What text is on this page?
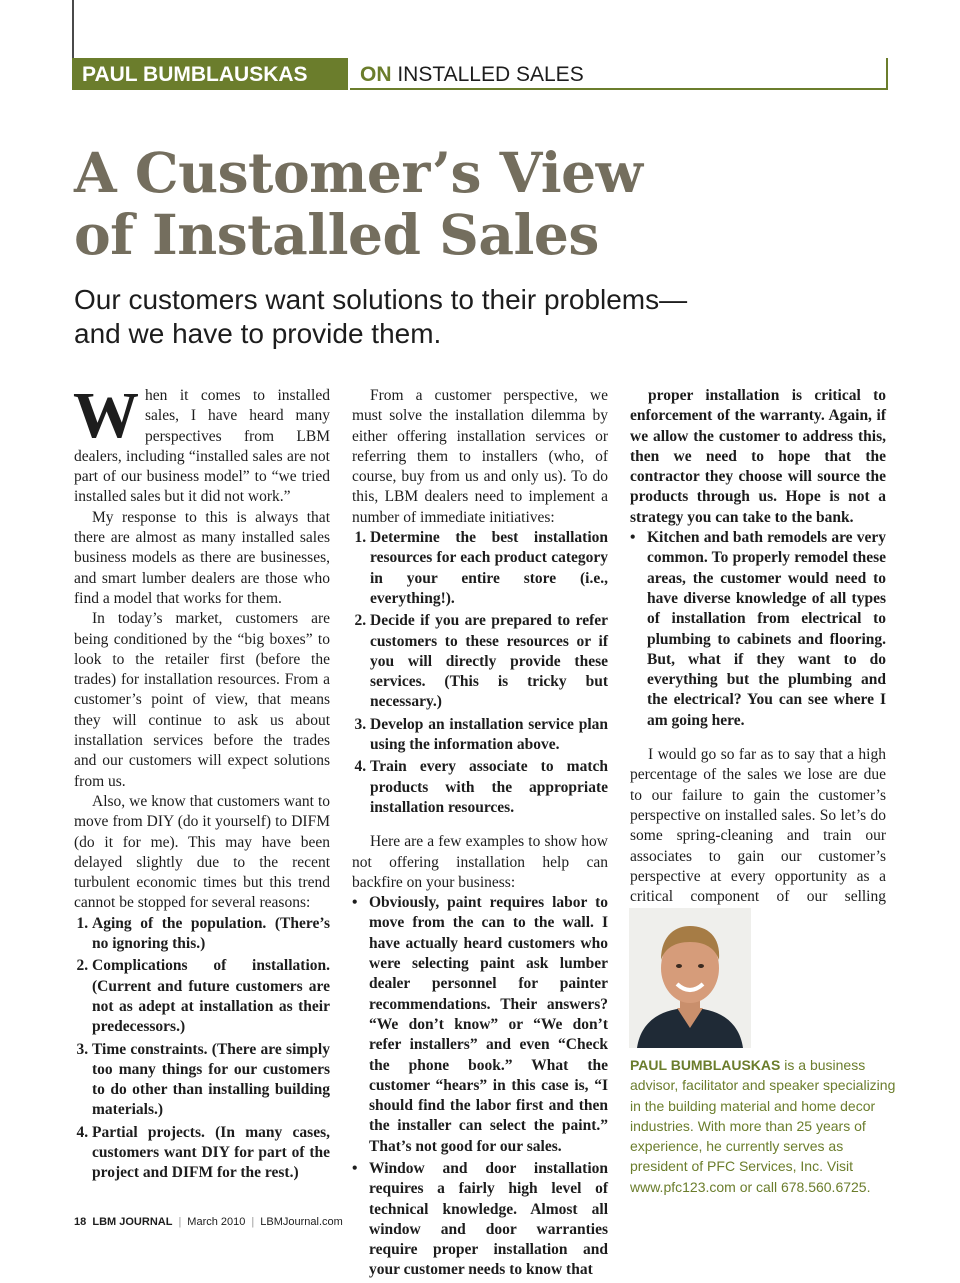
PAUL BUMBLAUSKAS	ON INSTALLED SALES
A Customer’s View
of Installed Sales
Our customers want solutions to their problems—
and we have to provide them.

When it comes to installed sales, I have heard many perspectives from LBM dealers, including “installed sales are not part of our business model” to “we tried installed sales but it did not work.”

My response to this is always that there are almost as many installed sales business models as there are businesses, and smart lumber dealers are those who find a model that works for them.

In today’s market, customers are being conditioned by the “big boxes” to look to the retailer first (before the trades) for installation resources. From a customer’s point of view, that means they will continue to ask us about installation services before the trades and our customers will expect solutions from us.

Also, we know that customers want to move from DIY (do it yourself) to DIFM (do it for me). This may have been delayed slightly due to the recent turbulent economic times but this trend cannot be stopped for several reasons:

1. Aging of the population. (There’s no ignoring this.)
2. Complications of installation. (Current and future customers are not as adept at installation as their predecessors.)
3. Time constraints. (There are simply too many things for our customers to do other than installing building materials.)
4. Partial projects. (In many cases, customers want DIY for part of the project and DIFM for the rest.)

From a customer perspective, we must solve the installation dilemma by either offering installation services or referring them to installers (who, of course, buy from us and only us). To do this, LBM dealers need to implement a number of immediate initiatives:

1. Determine the best installation resources for each product category in your entire store (i.e., everything!).
2. Decide if you are prepared to refer customers to these resources or if you will directly provide these services. (This is tricky but necessary.)
3. Develop an installation service plan using the information above.
4. Train every associate to match products with the appropriate installation resources.

Here are a few examples to show how not offering installation help can backfire on your business:

• Obviously, paint requires labor to move from the can to the wall. I have actually heard customers who were selecting paint ask lumber dealer personnel for painter recommendations. Their answers? “We don’t know” or “We don’t refer installers” and even “Check the phone book.” What the customer “hears” in this case is, “I should find the labor first and then the installer can select the paint.” That’s not good for our sales.
• Window and door installation requires a fairly high level of technical knowledge. Almost all window and door warranties require proper installation and your customer needs to know that

proper installation is critical to enforcement of the warranty. Again, if we allow the customer to address this, then we need to hope that the contractor they choose will source the products through us. Hope is not a strategy you can take to the bank.

• Kitchen and bath remodels are very common. To properly remodel these areas, the customer would need to have diverse knowledge of all types of installation from electrical to plumbing to cabinets and flooring. But, what if they want to do everything but the plumbing and the electrical? You can see where I am going here.

I would go so far as to say that a high percentage of the sales we lose are due to our failure to gain the customer’s perspective on installed sales. So let’s do some spring-cleaning and train our associates to gain our customer’s perspective at every opportunity as a critical component of our selling

PAUL BUMBLAUSKAS is a business advisor, facilitator and speaker specializing in the building material and home decor industries. With more than 25 years of experience, he currently serves as president of PFC Services, Inc. Visit www.pfc123.com or call 678.560.6725.
18 LBM JOURNAL | March 2010 | LBMJournal.com
